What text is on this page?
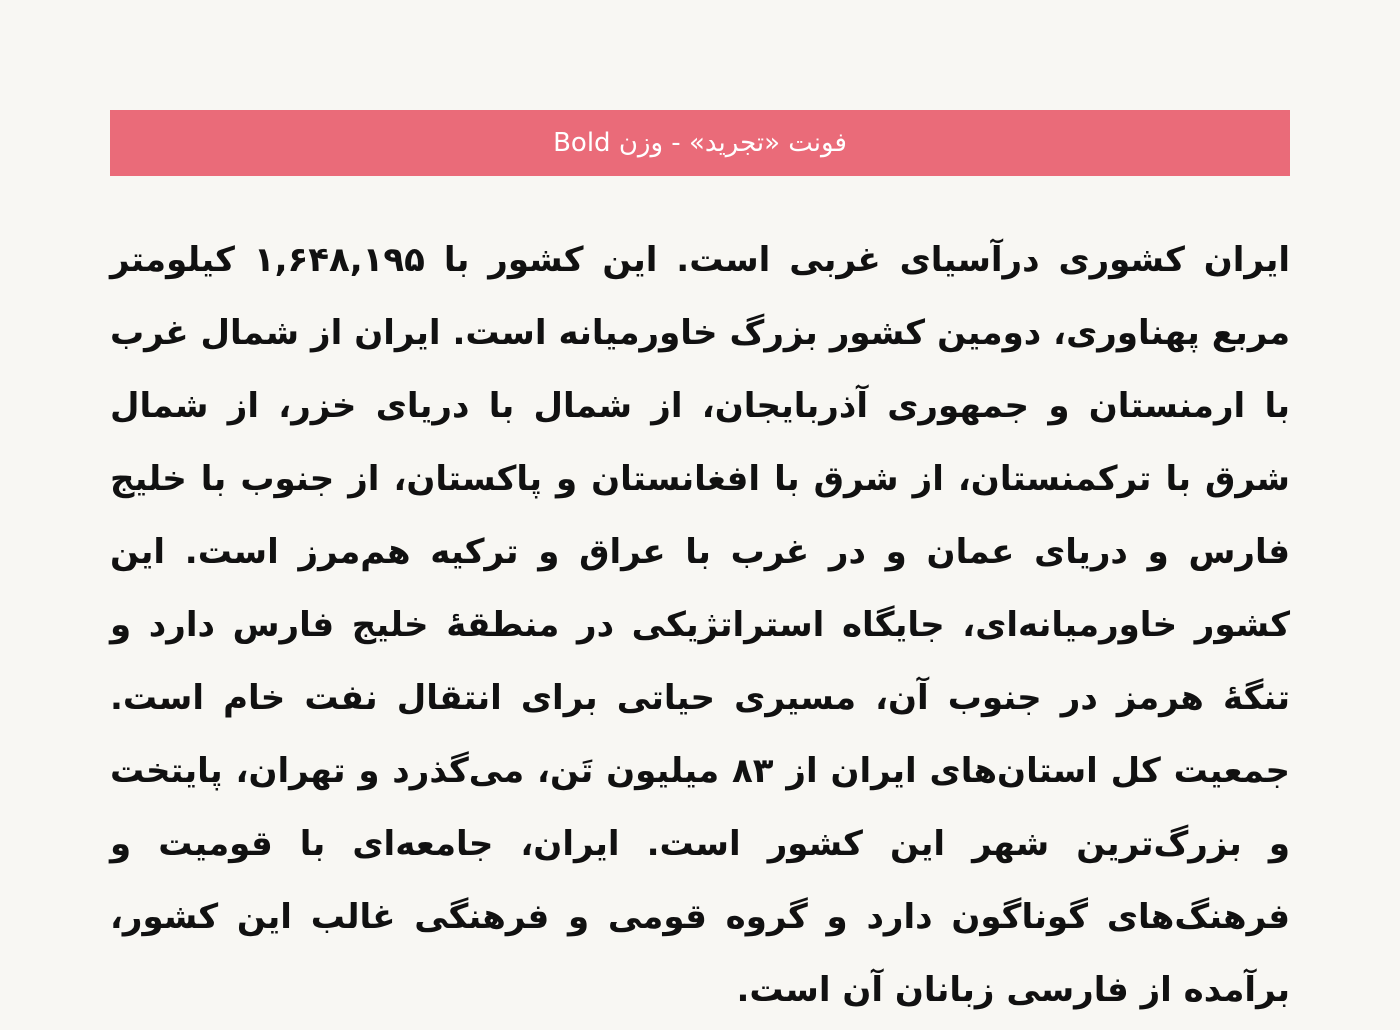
فونت «تجرید» - وزن Bold

ایران کشوری درآسیای غربی است. این کشور با ۱,۶۴۸,۱۹۵ کیلومتر مربع پهناوری، دومین کشور بزرگ خاورمیانه است. ایران از شمال غرب با ارمنستان و جمهوری آذربایجان، از شمال با دریای خزر، از شمال شرق با ترکمنستان، از شرق با افغانستان و پاکستان، از جنوب با خلیج فارس و دریای عمان و در غرب با عراق و ترکیه هم‌مرز است. این کشور خاورمیانه‌ای، جایگاه استراتژیکی در منطقهٔ خلیج فارس دارد و تنگهٔ هرمز در جنوب آن، مسیری حیاتی برای انتقال نفت خام است. جمعیت کل استان‌های ایران از ۸۳ میلیون تَن، می‌گذرد و تهران، پایتخت و بزرگ‌ترین شهر این کشور است. ایران، جامعه‌ای با قومیت و فرهنگ‌های گوناگون دارد و گروه قومی و فرهنگی غالب این کشور، برآمده از فارسی زبانان آن است.
